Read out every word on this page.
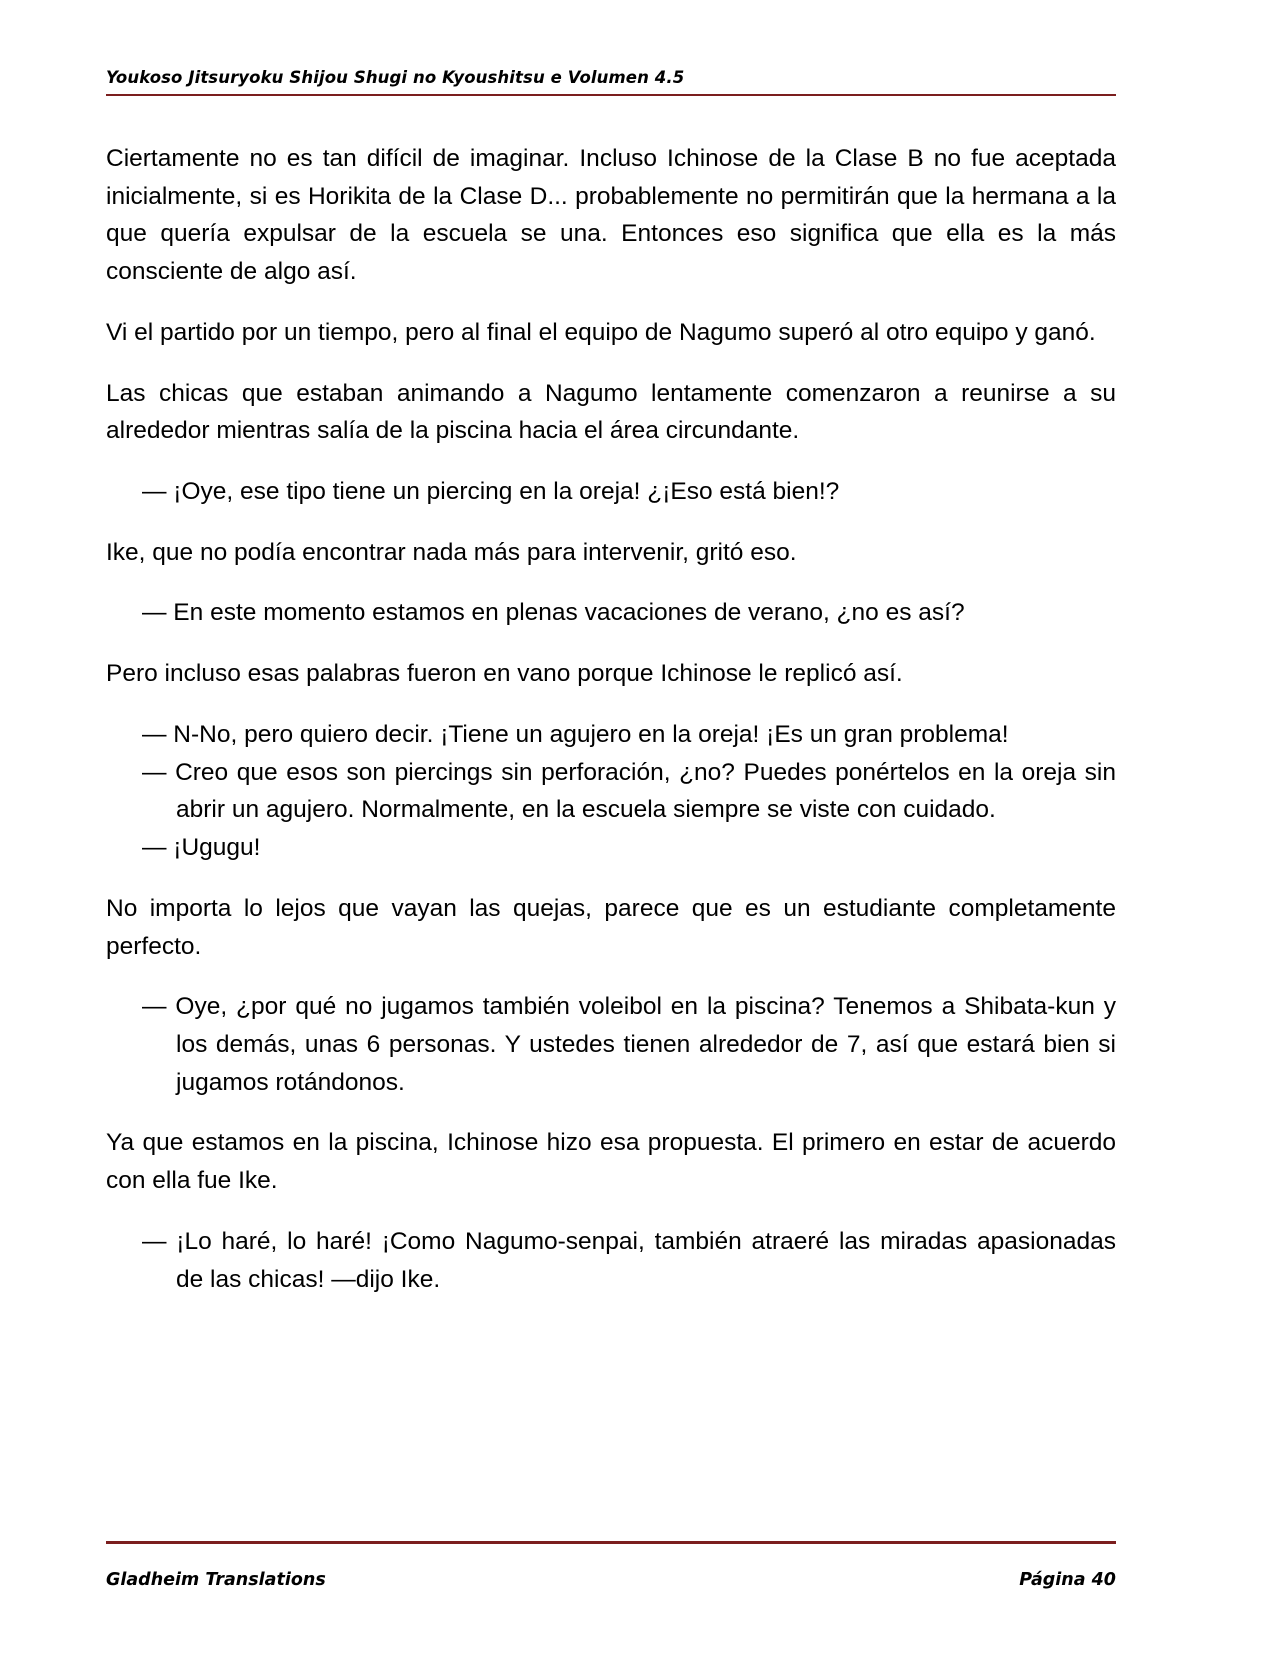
Youkoso Jitsuryoku Shijou Shugi no Kyoushitsu e Volumen 4.5

Ciertamente no es tan difícil de imaginar. Incluso Ichinose de la Clase B no fue aceptada inicialmente, si es Horikita de la Clase D... probablemente no permitirán que la hermana a la que quería expulsar de la escuela se una. Entonces eso significa que ella es la más consciente de algo así.

Vi el partido por un tiempo, pero al final el equipo de Nagumo superó al otro equipo y ganó.

Las chicas que estaban animando a Nagumo lentamente comenzaron a reunirse a su alrededor mientras salía de la piscina hacia el área circundante.

— ¡Oye, ese tipo tiene un piercing en la oreja! ¿¡Eso está bien!?

Ike, que no podía encontrar nada más para intervenir, gritó eso.

— En este momento estamos en plenas vacaciones de verano, ¿no es así?

Pero incluso esas palabras fueron en vano porque Ichinose le replicó así.

— N-No, pero quiero decir. ¡Tiene un agujero en la oreja! ¡Es un gran problema!

— Creo que esos son piercings sin perforación, ¿no? Puedes ponértelos en la oreja sin abrir un agujero. Normalmente, en la escuela siempre se viste con cuidado.

— ¡Ugugu!

No importa lo lejos que vayan las quejas, parece que es un estudiante completamente perfecto.

— Oye, ¿por qué no jugamos también voleibol en la piscina? Tenemos a Shibata-kun y los demás, unas 6 personas. Y ustedes tienen alrededor de 7, así que estará bien si jugamos rotándonos.

Ya que estamos en la piscina, Ichinose hizo esa propuesta. El primero en estar de acuerdo con ella fue Ike.

— ¡Lo haré, lo haré! ¡Como Nagumo-senpai, también atraeré las miradas apasionadas de las chicas! —dijo Ike.

Gladheim Translations	Página 40
